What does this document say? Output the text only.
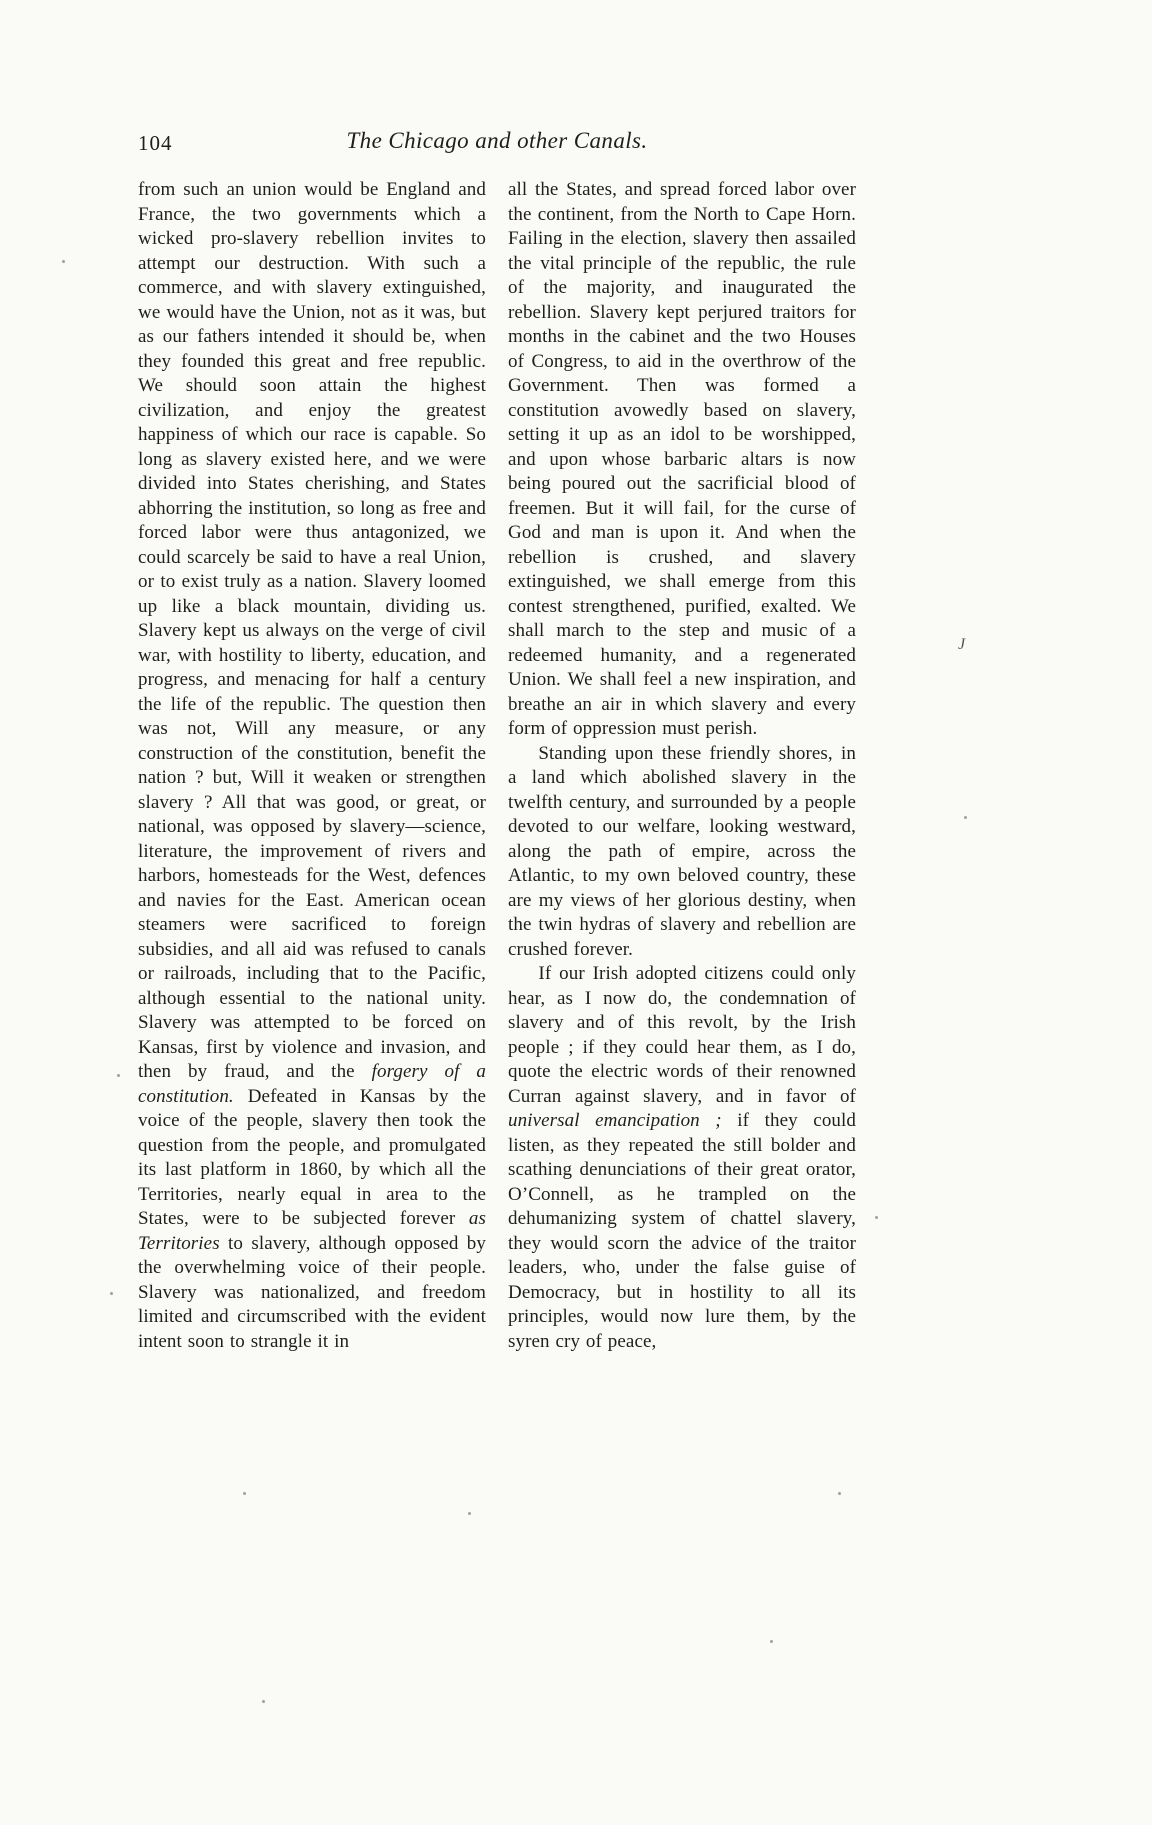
104	The Chicago and other Canals.

from such an union would be England and France, the two governments which a wicked pro-slavery rebellion invites to attempt our destruction. With such a commerce, and with slavery extinguished, we would have the Union, not as it was, but as our fathers intended it should be, when they founded this great and free republic. We should soon attain the highest civilization, and enjoy the greatest happiness of which our race is capable. So long as slavery existed here, and we were divided into States cherishing, and States abhorring the institution, so long as free and forced labor were thus antagonized, we could scarcely be said to have a real Union, or to exist truly as a nation. Slavery loomed up like a black mountain, dividing us. Slavery kept us always on the verge of civil war, with hostility to liberty, education, and progress, and menacing for half a century the life of the republic. The question then was not, Will any measure, or any construction of the constitution, benefit the nation ? but, Will it weaken or strengthen slavery ? All that was good, or great, or national, was opposed by slavery—science, literature, the improvement of rivers and harbors, homesteads for the West, defences and navies for the East. American ocean steamers were sacrificed to foreign subsidies, and all aid was refused to canals or railroads, including that to the Pacific, although essential to the national unity. Slavery was attempted to be forced on Kansas, first by violence and invasion, and then by fraud, and the forgery of a constitution. Defeated in Kansas by the voice of the people, slavery then took the question from the people, and promulgated its last platform in 1860, by which all the Territories, nearly equal in area to the States, were to be subjected forever as Territories to slavery, although opposed by the overwhelming voice of their people. Slavery was nationalized, and freedom limited and circumscribed with the evident intent soon to strangle it in

all the States, and spread forced labor over the continent, from the North to Cape Horn. Failing in the election, slavery then assailed the vital principle of the republic, the rule of the majority, and inaugurated the rebellion. Slavery kept perjured traitors for months in the cabinet and the two Houses of Congress, to aid in the overthrow of the Government. Then was formed a constitution avowedly based on slavery, setting it up as an idol to be worshipped, and upon whose barbaric altars is now being poured out the sacrificial blood of freemen. But it will fail, for the curse of God and man is upon it. And when the rebellion is crushed, and slavery extinguished, we shall emerge from this contest strengthened, purified, exalted. We shall march to the step and music of a redeemed humanity, and a regenerated Union. We shall feel a new inspiration, and breathe an air in which slavery and every form of oppression must perish.

Standing upon these friendly shores, in a land which abolished slavery in the twelfth century, and surrounded by a people devoted to our welfare, looking westward, along the path of empire, across the Atlantic, to my own beloved country, these are my views of her glorious destiny, when the twin hydras of slavery and rebellion are crushed forever.

If our Irish adopted citizens could only hear, as I now do, the condemnation of slavery and of this revolt, by the Irish people ; if they could hear them, as I do, quote the electric words of their renowned Curran against slavery, and in favor of universal emancipation ; if they could listen, as they repeated the still bolder and scathing denunciations of their great orator, O’Connell, as he trampled on the dehumanizing system of chattel slavery, they would scorn the advice of the traitor leaders, who, under the false guise of Democracy, but in hostility to all its principles, would now lure them, by the syren cry of peace,

J
